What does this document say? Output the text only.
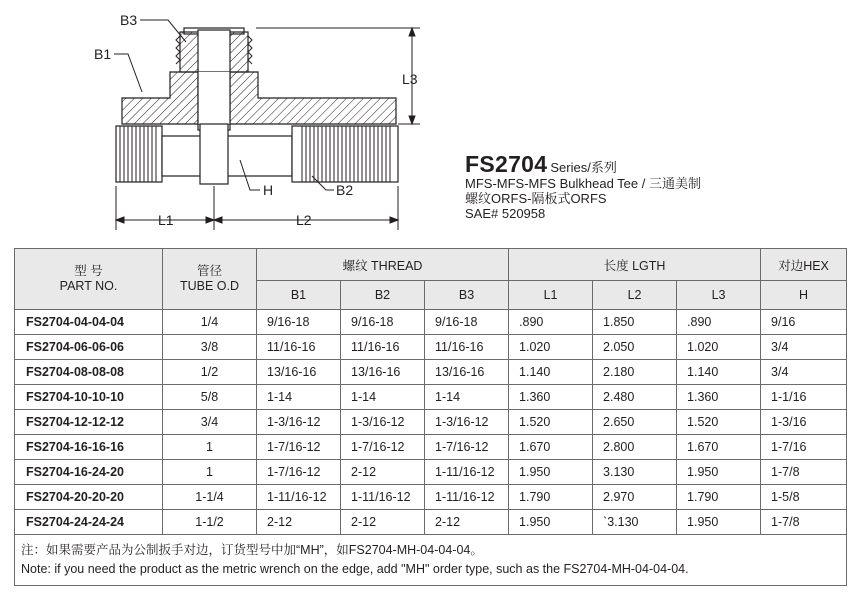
L3
L1	L2
B3
B1
H	B2
FS2704 Series/系列
MFS-MFS-MFS Bulkhead Tee / 三通美制
螺纹ORFS-隔板式ORFS
SAE# 520958
型 号
PART NO.	管径
TUBE O.D	螺纹 THREAD			长度 LGTH			对边HEX
		B1	B2	B3	L1	L2	L3	H
FS2704-04-04-04	1/4	9/16-18	9/16-18	9/16-18	.890	1.850	.890	9/16
FS2704-06-06-06	3/8	11/16-16	11/16-16	11/16-16	1.020	2.050	1.020	3/4
FS2704-08-08-08	1/2	13/16-16	13/16-16	13/16-16	1.140	2.180	1.140	3/4
FS2704-10-10-10	5/8	1-14	1-14	1-14	1.360	2.480	1.360	1-1/16
FS2704-12-12-12	3/4	1-3/16-12	1-3/16-12	1-3/16-12	1.520	2.650	1.520	1-3/16
FS2704-16-16-16	1	1-7/16-12	1-7/16-12	1-7/16-12	1.670	2.800	1.670	1-7/16
FS2704-16-24-20	1	1-7/16-12	2-12	1-11/16-12	1.950	3.130	1.950	1-7/8
FS2704-20-20-20	1-1/4	1-11/16-12	1-11/16-12	1-11/16-12	1.790	2.970	1.790	1-5/8
FS2704-24-24-24	1-1/2	2-12	2-12	2-12	1.950	`3.130	1.950	1-7/8

注：如果需要产品为公制扳手对边，订货型号中加“MH”，如FS2704-MH-04-04-04。
Note: if you need the product as the metric wrench on the edge, add "MH" order type, such as the FS2704-MH-04-04-04.								
